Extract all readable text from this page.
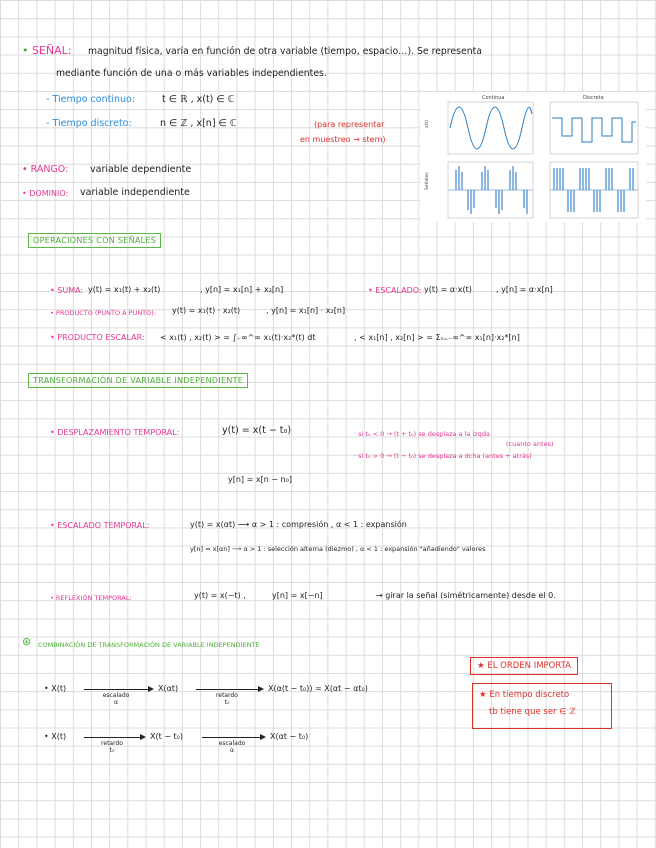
• SEÑAL: magnitud física, varía en función de otra variable (tiempo, espacio…). Se representa
mediante función de una o más variables independientes.
- Tiempo continuo:	t ∈ ℝ , x(t) ∈ ℂ
- Tiempo discreto:	n ∈ ℤ , x[n] ∈ ℂ	(para representar
en muestreo → stem)
• RANGO: variable dependiente
• DOMINIO: variable independiente
Continua	Discreta
x(t)
Señales
OPERACIONES CON SEÑALES
• SUMA: y(t) = x₁(t) + x₂(t)	, y[n] = x₁[n] + x₂[n]	• ESCALADO: y(t) = α·x(t)	, y[n] = α·x[n]
• PRODUCTO (PUNTO A PUNTO): y(t) = x₁(t) · x₂(t)	, y[n] = x₁[n] · x₂[n]
• PRODUCTO ESCALAR: < x₁(t) , x₂(t) > = ∫₋∞^∞ x₁(t)·x₂*(t) dt	, < x₁[n] , x₂[n] > = Σₙ₌₋∞^∞ x₁[n]·x₂*[n]
TRANSFORMACIÓN DE VARIABLE INDEPENDIENTE
• DESPLAZAMIENTO TEMPORAL:	y(t) = x(t − t₀)	· si t₀ < 0 → (t + t₀) se desplaza a la izqda
(cuanto antes)
· si t₀ > 0 → (t − t₀) se desplaza a dcha (antes + atrás)
y[n] = x[n − n₀]
• ESCALADO TEMPORAL:	y(t) = x(αt) ⟶ α > 1 : compresión , α < 1 : expansión
y[n] = x[αn] ⟶ α > 1 : selección alterna (diezmo) , α < 1 : expansión "añadiendo" valores
• REFLEXIÓN TEMPORAL:	y(t) = x(−t) ,	y[n] = x[−n]	→ girar la señal (simétricamente) desde el 0.
⊛ COMBINACIÓN DE TRANSFORMACIÓN DE VARIABLE INDEPENDIENTE
★ EL ORDEN IMPORTA
★ En tiempo discreto
tb tiene que ser ∈ ℤ
• X(t)
escalado
α
X(αt)
retardo
t₀
X(α(t − t₀)) = X(αt − αt₀)
• X(t)
retardo
t₀
X(t − t₀)
escalado
α
X(αt − t₀)
